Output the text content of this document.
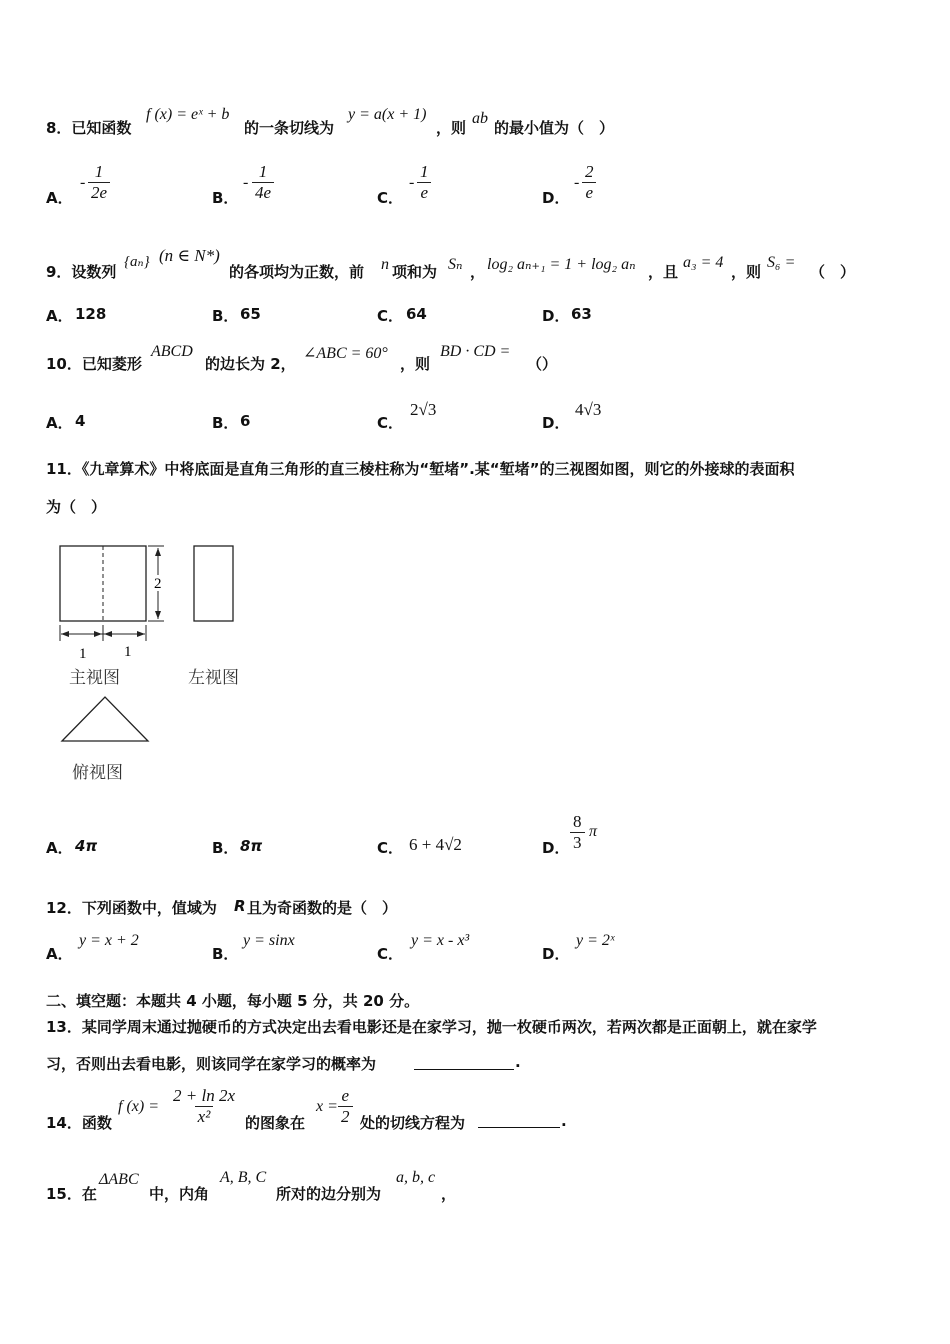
8．已知函数
f (x) = eˣ + b
的一条切线为
y = a(x + 1)
，则
ab
的最小值为（　）
A．
- $\frac{1}{2e}$	B．
- $\frac{1}{4e}$	C．
- $\frac{1}{e}$	D．
- $\frac{2}{e}$
9．设数列
{aₙ} (n ∈ N*)
的各项均为正数，前 n 项和为 Sₙ ， log₂ aₙ₊₁ = 1 + log₂ aₙ ，且
a₃ = 4
，则
S₆ =
（　）
A． 128	B． 65	C． 64	D． 63
10．已知菱形
ABCD
的边长为 2，
∠ABC = 60°
，则
BD · CD =
（）
A． 4	B． 6	C．
2√3
D．
4√3
11．《九章算术》中将底面是直角三角形的直三棱柱称为“堑堵”.某“堑堵”的三视图如图，则它的外接球的表面积
为（　）
2
1	1
主视图	左视图
俯视图
A． 4π	B． 8π	C． 6 + 4√2	D． $\frac{8}{3}$ π
12．下列函数中，值域为 R 且为奇函数的是（　）
A．
y = x + 2
B．
y = sinx
C．
y = x - x³
D．
y = 2ˣ
二、填空题：本题共 4 小题，每小题 5 分，共 20 分。
13．某同学周末通过抛硬币的方式决定出去看电影还是在家学习，抛一枚硬币两次，若两次都是正面朝上，就在家学
习，否则出去看电影，则该同学在家学习的概率为	.
14．函数
f $(x) = \frac{2 + \ln 2x}{\text{x²}}$ 的图象在
$x = \frac{e}{2}$ 处的切线方程为	.
15．在
ΔABC
中，内角
A, B, C
所对的边分别为
a, b, c
，
